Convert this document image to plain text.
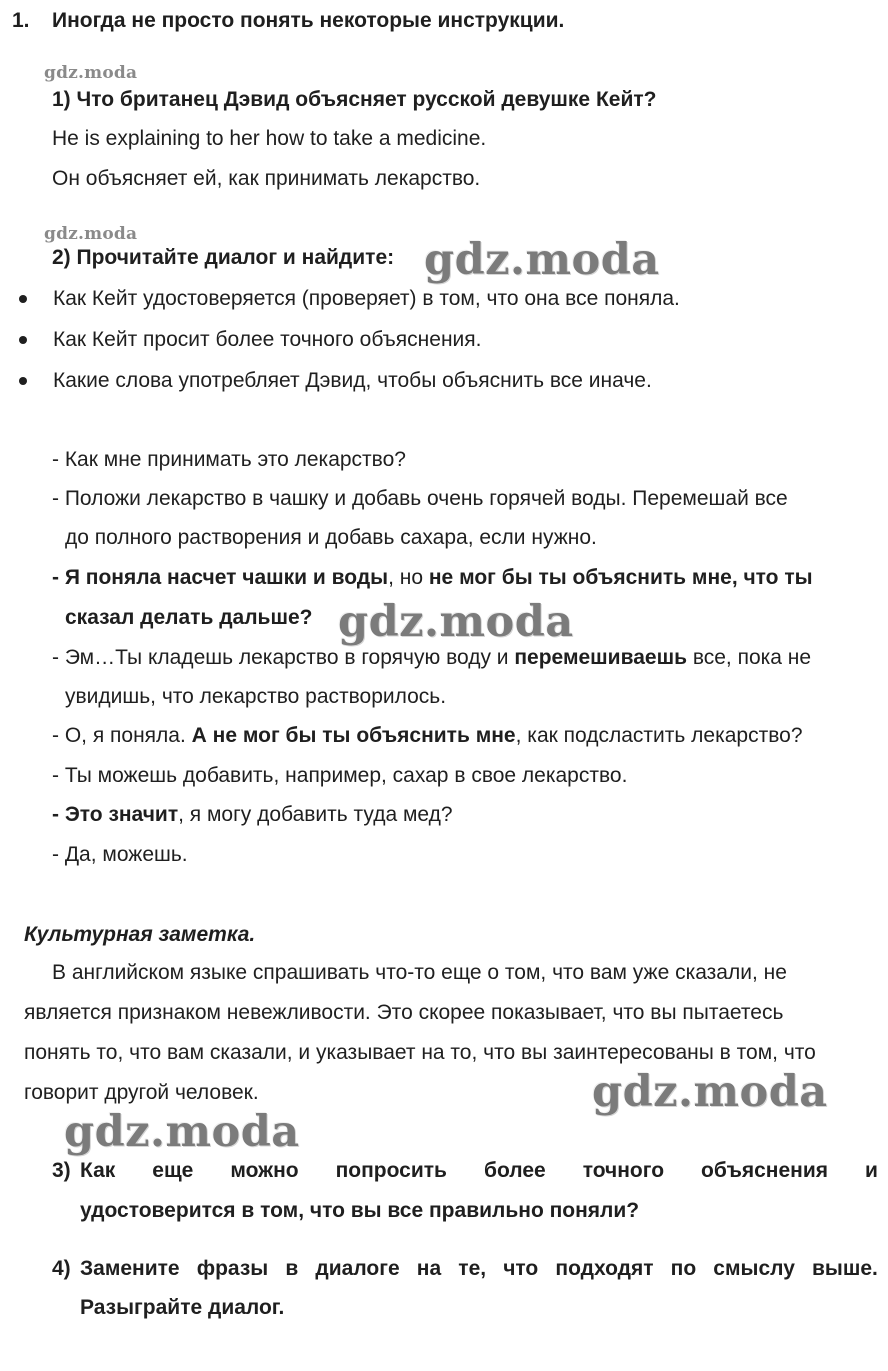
1. Иногда не просто понять некоторые инструкции.
gdz.moda
1) Что британец Дэвид объясняет русской девушке Кейт?
He is explaining to her how to take a medicine.
Он объясняет ей, как принимать лекарство.
gdz.moda
2) Прочитайте диалог и найдите: gdz.moda
Как Кейт удостоверяется (проверяет) в том, что она все поняла.
Как Кейт просит более точного объяснения.
Какие слова употребляет Дэвид, чтобы объяснить все иначе.
- Как мне принимать это лекарство?
- Положи лекарство в чашку и добавь очень горячей воды. Перемешай все
до полного растворения и добавь сахара, если нужно.
- Я поняла насчет чашки и воды, но не мог бы ты объяснить мне, что ты
сказал делать дальше? gdz.moda
- Эм…Ты кладешь лекарство в горячую воду и перемешиваешь все, пока не
увидишь, что лекарство растворилось.
- О, я поняла. А не мог бы ты объяснить мне, как подсластить лекарство?
- Ты можешь добавить, например, сахар в свое лекарство.
- Это значит, я могу добавить туда мед?
- Да, можешь.
Культурная заметка.
В английском языке спрашивать что-то еще о том, что вам уже сказали, не
является признаком невежливости. Это скорее показывает, что вы пытаетесь
понять то, что вам сказали, и указывает на то, что вы заинтересованы в том, что
говорит другой человек.	gdz.moda
gdz.moda
3) Как еще можно попросить более точного объяснения и
удостоверится в том, что вы все правильно поняли?
4) Замените фразы в диалоге на те, что подходят по смыслу выше.
Разыграйте диалог.
